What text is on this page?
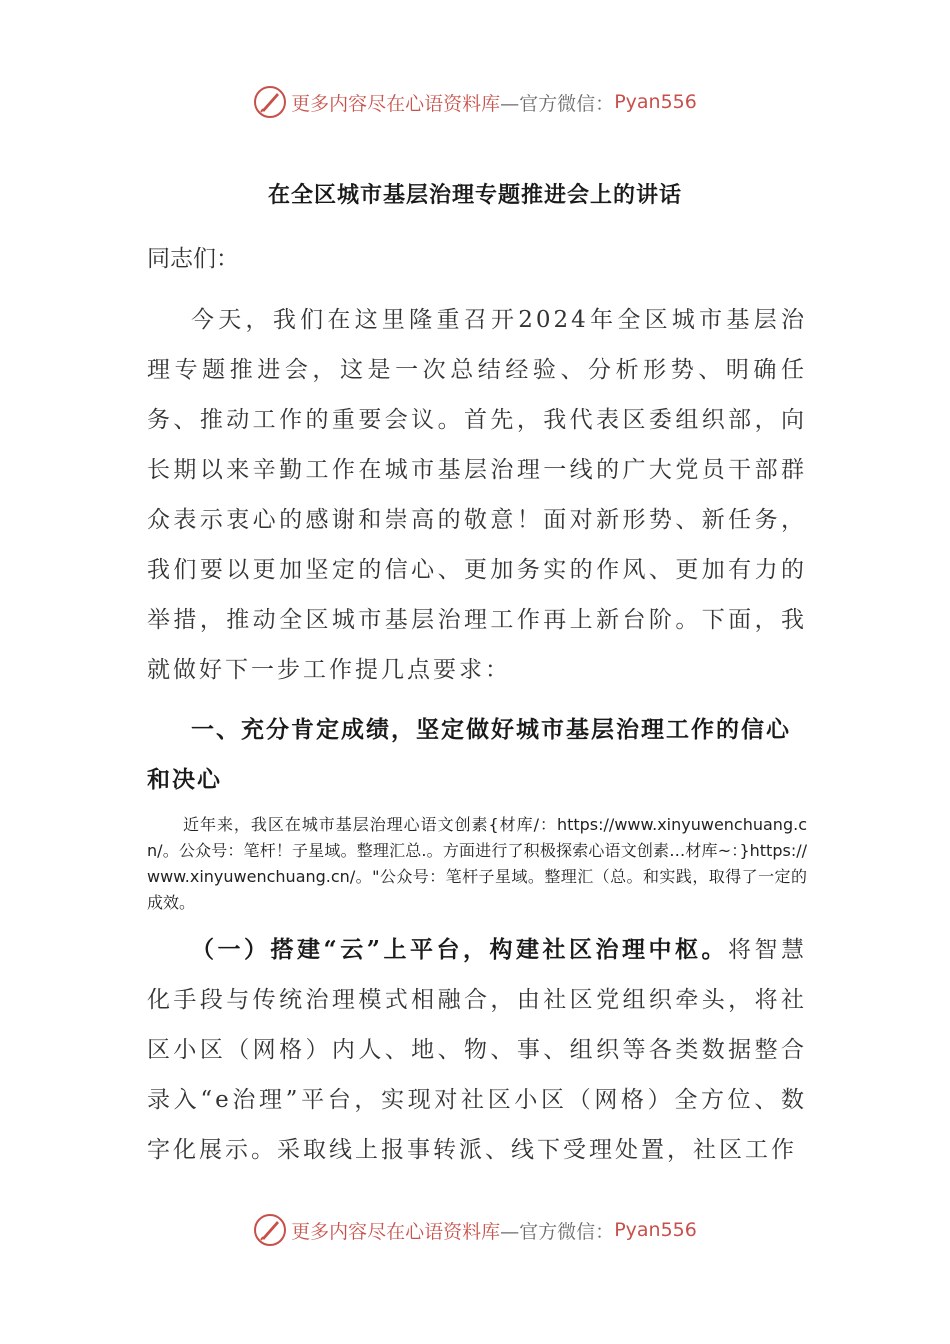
更多内容尽在心语资料库 —官方微信： Pyan556
在全区城市基层治理专题推进会上的讲话
同志们：

今天，我们在这里隆重召开2024年全区城市基层治理专题推进会，这是一次总结经验、分析形势、明确任务、推动工作的重要会议。首先，我代表区委组织部，向长期以来辛勤工作在城市基层治理一线的广大党员干部群众表示衷心的感谢和崇高的敬意！面对新形势、新任务，我们要以更加坚定的信心、更加务实的作风、更加有力的举措，推动全区城市基层治理工作再上新台阶。下面，我就做好下一步工作提几点要求：

一、充分肯定成绩，坚定做好城市基层治理工作的信心和决心

近年来，我区在城市基层治理心语文创素{材库/：https://www.xinyuwenchuang.cn/。公众号：笔杆！子星域。整理汇总.。方面进行了积极探索心语文创素…材库~：}https://www.xinyuwenchuang.cn/。"公众号：笔杆子星域。整理汇（总。和实践，取得了一定的成效。

（一）搭建“云”上平台，构建社区治理中枢。将智慧化手段与传统治理模式相融合，由社区党组织牵头，将社区小区（网格）内人、地、物、事、组织等各类数据整合录入“e治理”平台，实现对社区小区（网格）全方位、数字化展示。采取线上报事转派、线下受理处置，社区工作

更多内容尽在心语资料库 —官方微信： Pyan556
